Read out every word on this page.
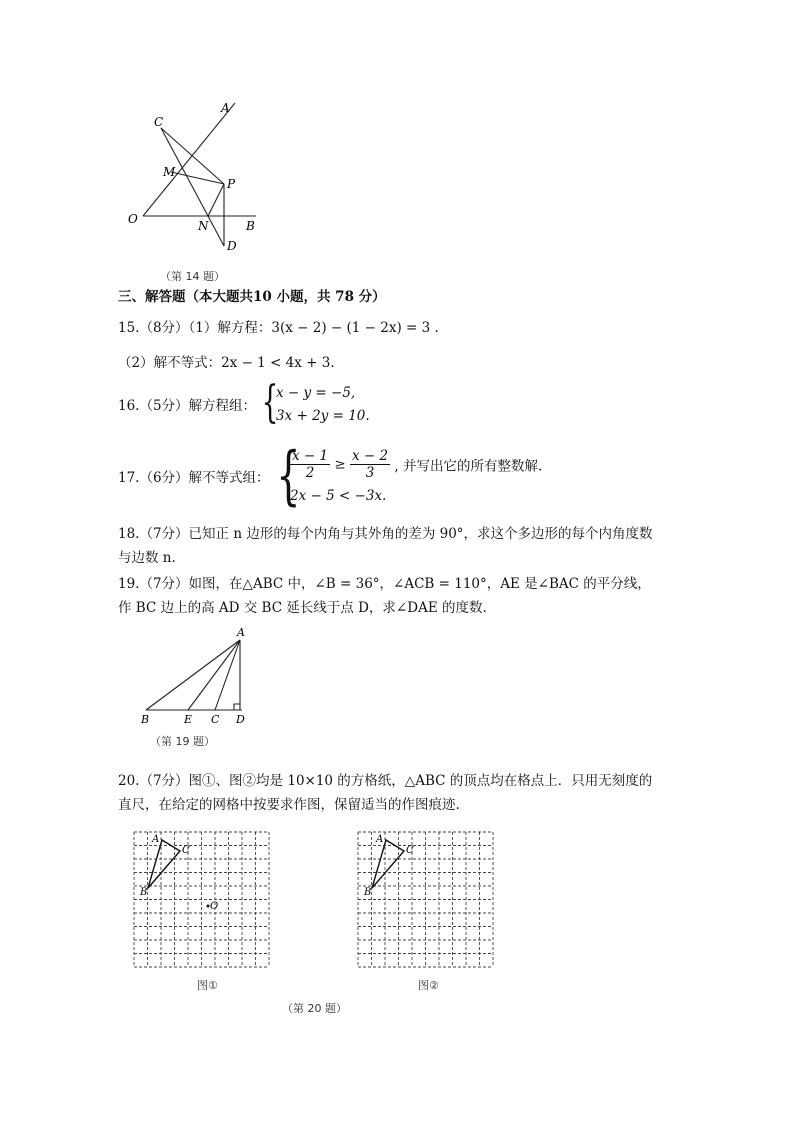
A
C
M
P
O	N	B
D
（第 14 题）
三、解答题（本大题共10 小题，共 78 分）
15.（8分）（1）解方程：3(x − 2) − (1 − 2x) = 3 .
（2）解不等式：2x − 1 < 4x + 3.
16.（5分）解方程组： {
x − y = −5,
3x + 2y = 10.
17.（6分）解不等式组： {
$\frac{x - 1}{2} \ge \frac{x - 2}{3}$ , 并写出它的所有整数解.
2x − 5 < −3x.
18.（7分）已知正 n 边形的每个内角与其外角的差为 90°，求这个多边形的每个内角度数
与边数 n.
19.（7分）如图，在△ABC 中，∠B = 36°，∠ACB = 110°，AE 是∠BAC 的平分线，
作 BC 边上的高 AD 交 BC 延长线于点 D，求∠DAE 的度数.
A
B	E C D
（第 19 题）
20.（7分）图①、图②均是 10×10 的方格纸，△ABC 的顶点均在格点上．只用无刻度的
直尺，在给定的网格中按要求作图，保留适当的作图痕迹.
A
C
B
O
图①
A
C
B
图②
（第 20 题）
